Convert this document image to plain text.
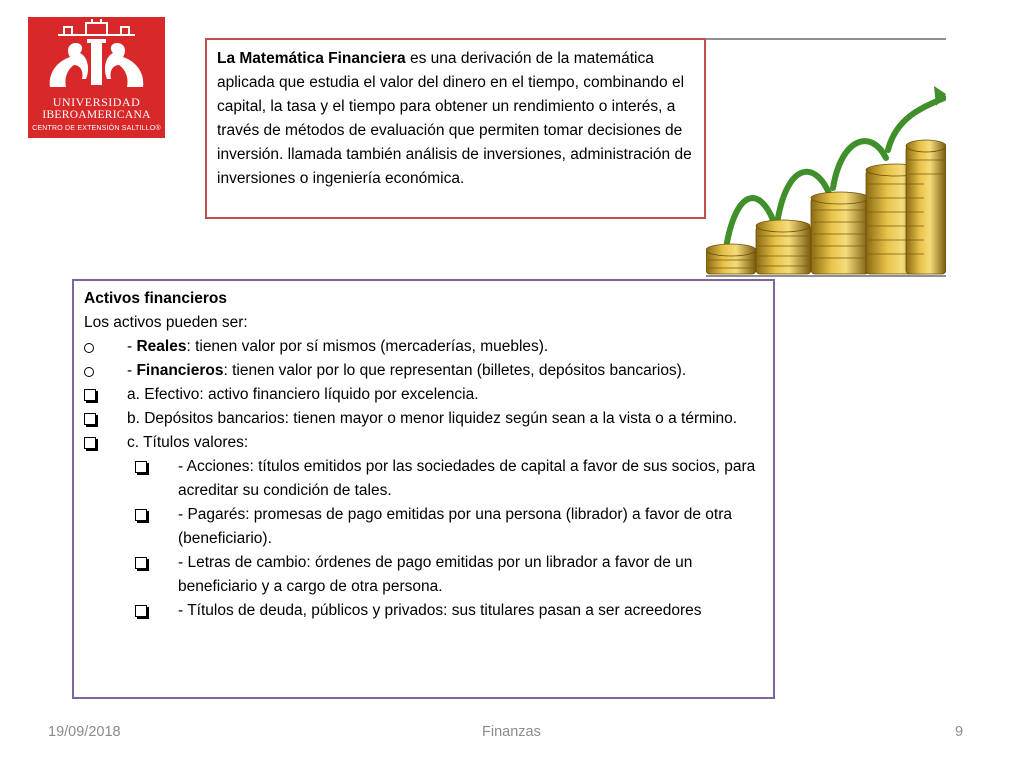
UNIVERSIDAD
IBEROAMERICANA
CENTRO DE EXTENSIÓN SALTILLO®
La Matemática Financiera es una derivación de la matemática aplicada que estudia el valor del dinero en el tiempo, combinando el capital, la tasa y el tiempo para obtener un rendimiento o interés, a través de métodos de evaluación que permiten tomar decisiones de inversión. llamada también análisis de inversiones, administración de inversiones o ingeniería económica.
Activos financieros
Los activos pueden ser:
- Reales: tienen valor por sí mismos (mercaderías, muebles).
- Financieros: tienen valor por lo que representan (billetes, depósitos bancarios).
a. Efectivo: activo financiero líquido por excelencia.
b. Depósitos bancarios: tienen mayor o menor liquidez según sean a la vista o a término.
c. Títulos valores:
- Acciones: títulos emitidos por las sociedades de capital a favor de sus socios, para acreditar su condición de tales.
- Pagarés: promesas de pago emitidas por una persona (librador) a favor de otra (beneficiario).
- Letras de cambio: órdenes de pago emitidas por un librador a favor de un beneficiario y a cargo de otra persona.
- Títulos de deuda, públicos y privados: sus titulares pasan a ser acreedores
19/09/2018	Finanzas	9
